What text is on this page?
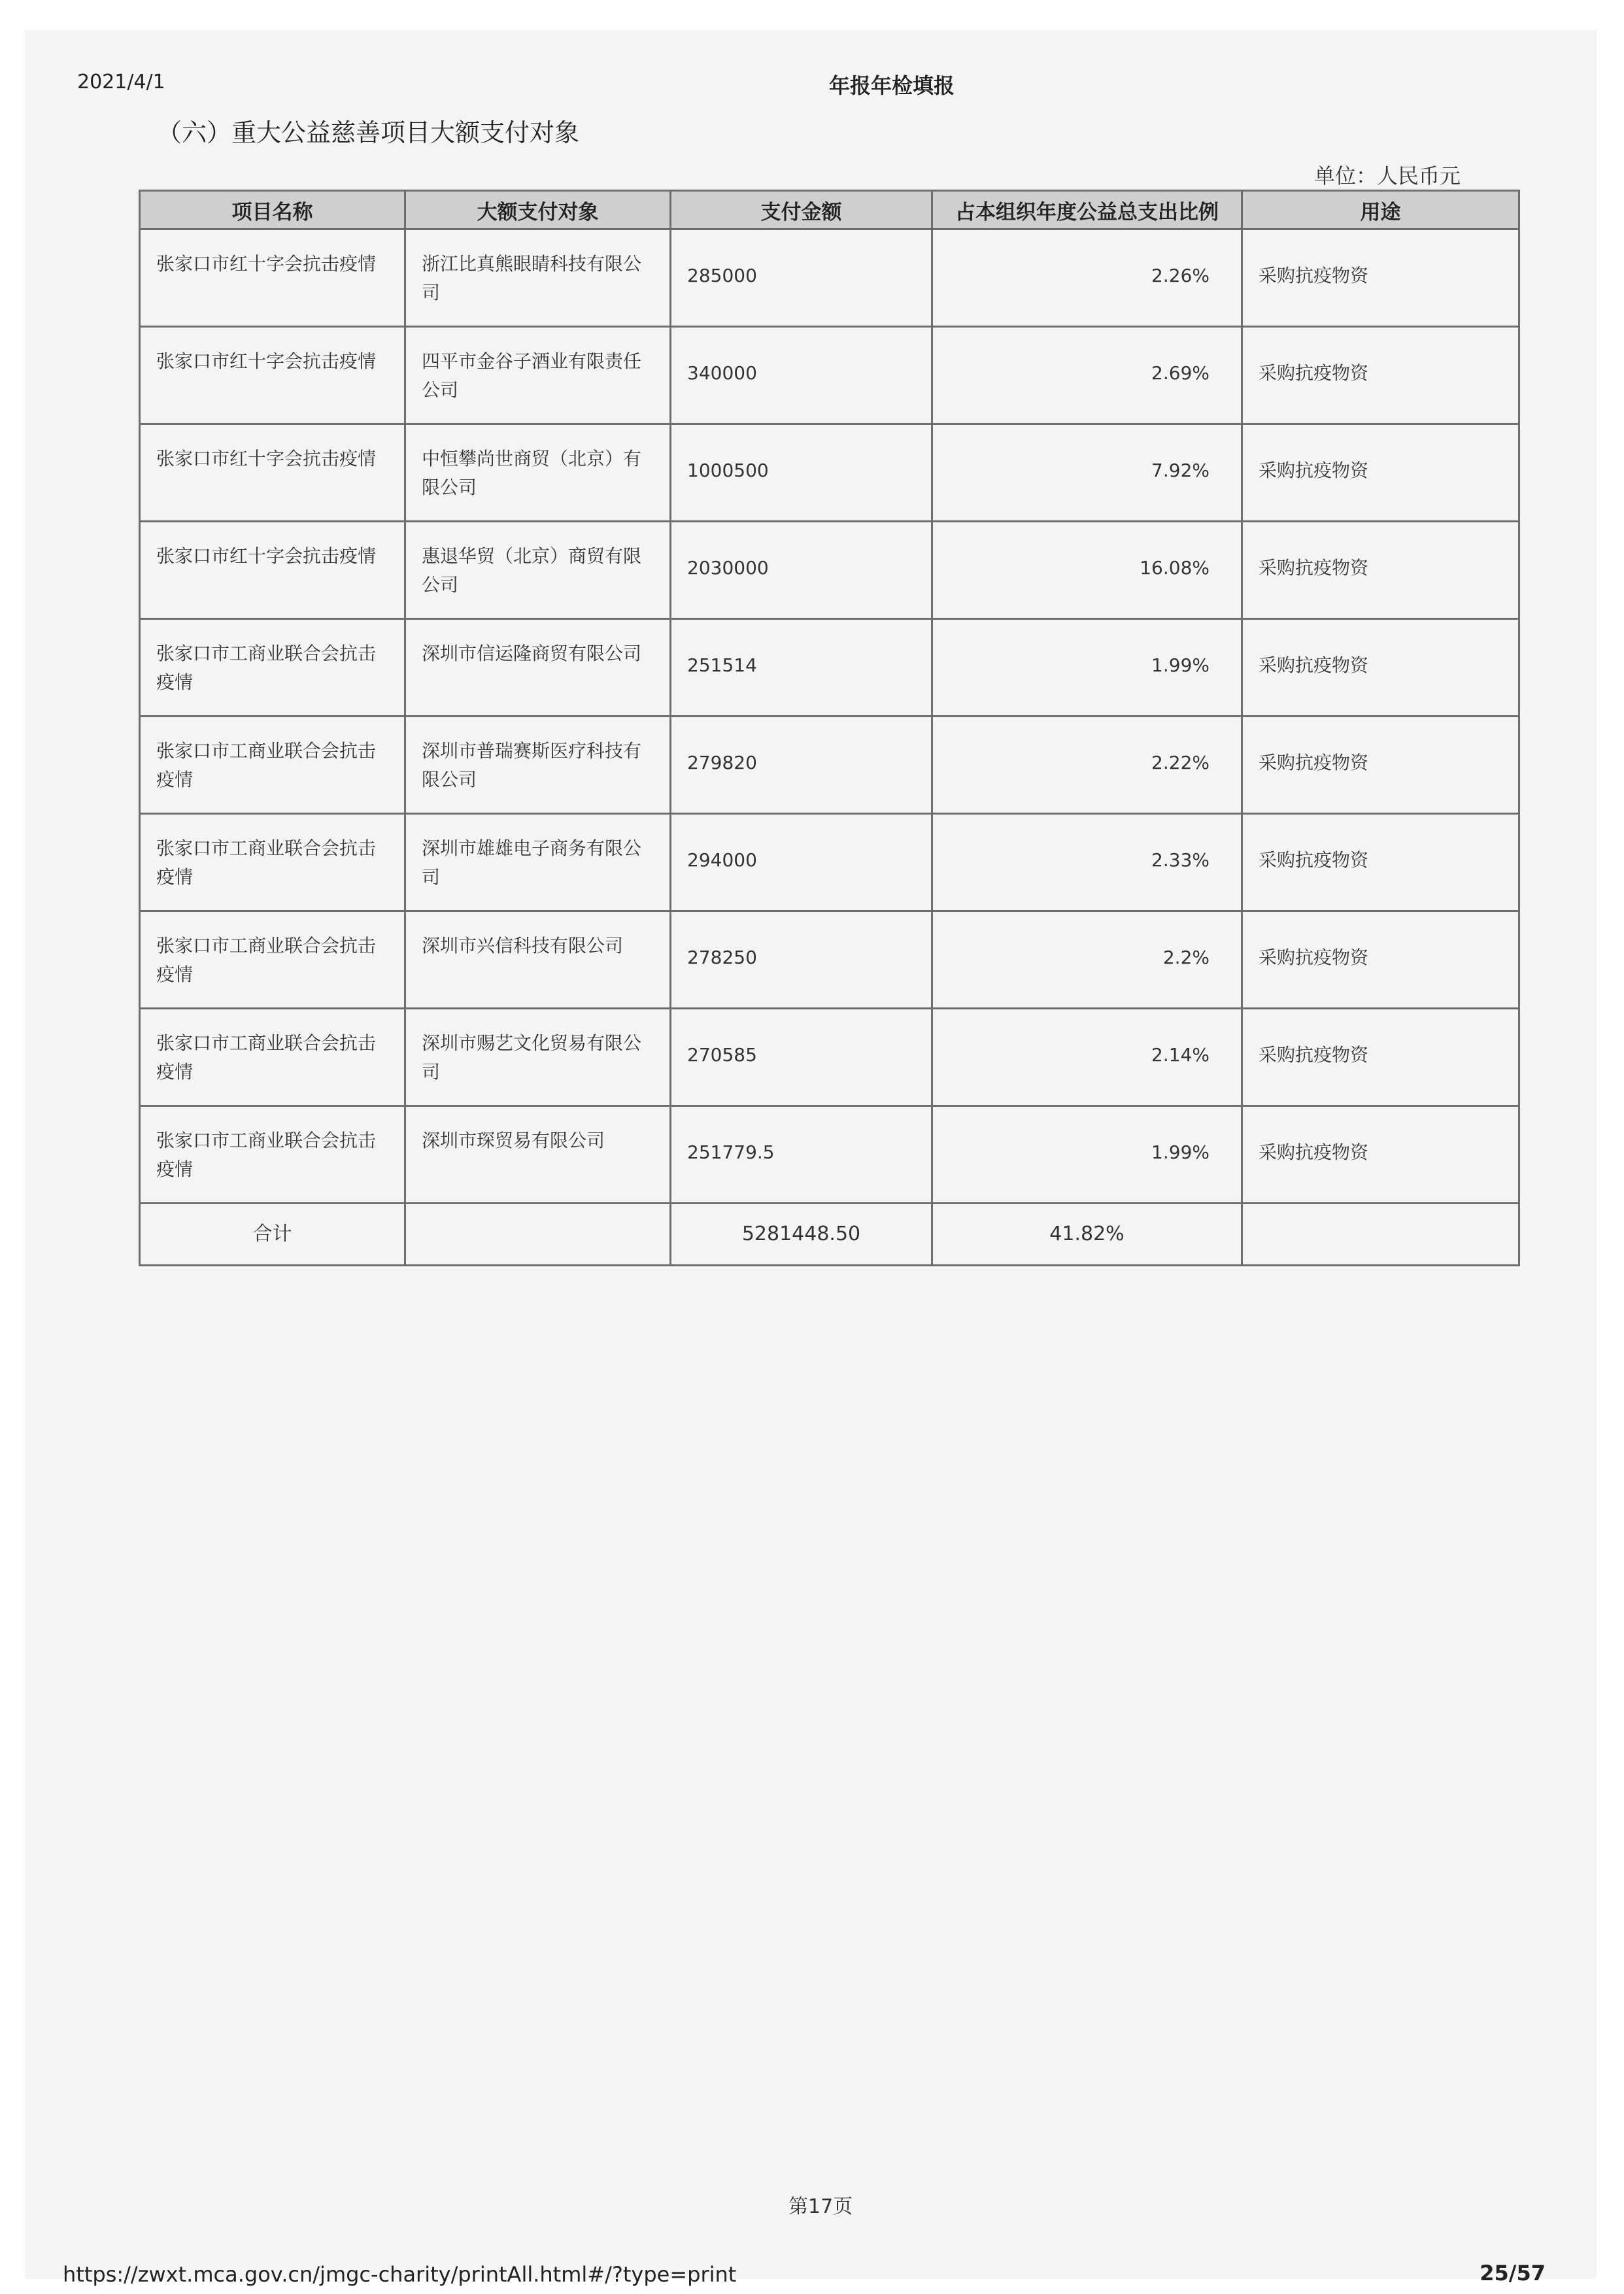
2021/4/1	年报年检填报
（六）重大公益慈善项目大额支付对象
单位：人民币元
项目名称	大额支付对象	支付金额	占本组织年度公益总支出比例	用途

张家口市红十字会抗击疫情	浙江比真熊眼睛科技有限公司	285000	2.26%	采购抗疫物资

张家口市红十字会抗击疫情	四平市金谷子酒业有限责任公司	340000	2.69%	采购抗疫物资

张家口市红十字会抗击疫情	中恒攀尚世商贸（北京）有限公司	1000500	7.92%	采购抗疫物资

张家口市红十字会抗击疫情	惠退华贸（北京）商贸有限公司	2030000	16.08%	采购抗疫物资

张家口市工商业联合会抗击疫情	深圳市信运隆商贸有限公司	251514	1.99%	采购抗疫物资

张家口市工商业联合会抗击疫情	深圳市普瑞赛斯医疗科技有限公司	279820	2.22%	采购抗疫物资

张家口市工商业联合会抗击疫情	深圳市雄雄电子商务有限公司	294000	2.33%	采购抗疫物资

张家口市工商业联合会抗击疫情	深圳市兴信科技有限公司	278250	2.2%	采购抗疫物资

张家口市工商业联合会抗击疫情	深圳市赐艺文化贸易有限公司	270585	2.14%	采购抗疫物资

张家口市工商业联合会抗击疫情	深圳市琛贸易有限公司	251779.5	1.99%	采购抗疫物资

合计		5281448.50	41.82%	

第17页
https://zwxt.mca.gov.cn/jmgc-charity/printAll.html#/?type=print	25/57
